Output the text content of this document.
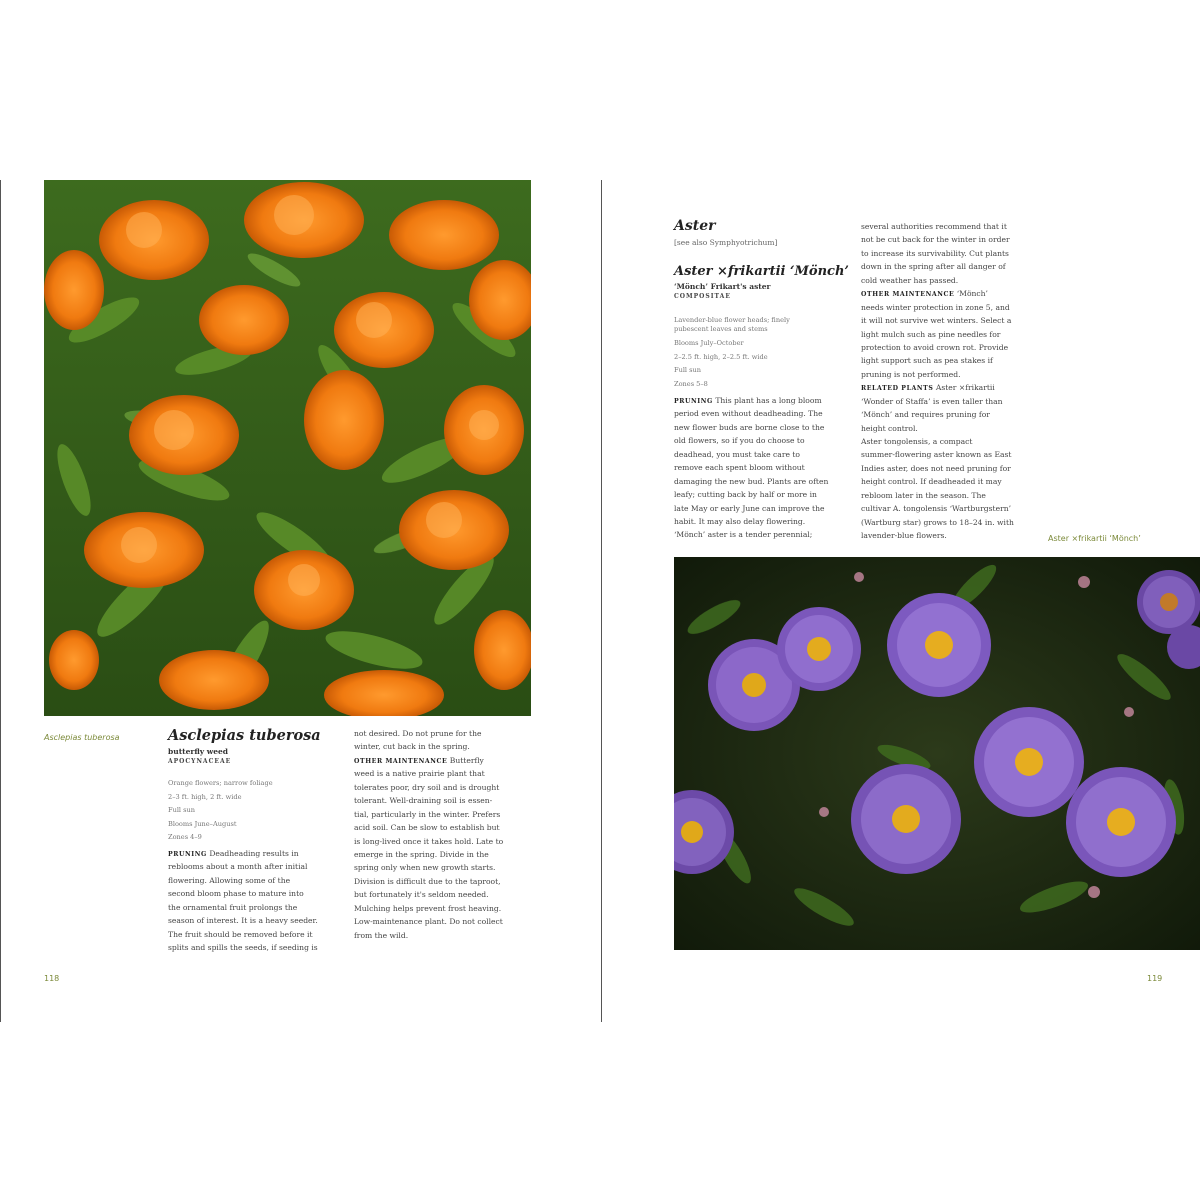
Asclepias tuberosa	Asclepias tuberosa
butterfly weed
APOCYNACEAE
Orange flowers; narrow foliage
2–3 ft. high, 2 ft. wide
Full sun
Blooms June–August
Zones 4–9
PRUNING Deadheading results in
reblooms about a month after initial
flowering. Allowing some of the
second bloom phase to mature into
the ornamental fruit prolongs the
season of interest. It is a heavy seeder.
The fruit should be removed before it
splits and spills the seeds, if seeding is
not desired. Do not prune for the
winter, cut back in the spring.
OTHER MAINTENANCE Butterfly
weed is a native prairie plant that
tolerates poor, dry soil and is drought
tolerant. Well-draining soil is essen-
tial, particularly in the winter. Prefers
acid soil. Can be slow to establish but
is long-lived once it takes hold. Late to
emerge in the spring. Divide in the
spring only when new growth starts.
Division is difficult due to the taproot,
but fortunately it's seldom needed.
Mulching helps prevent frost heaving.
Low-maintenance plant. Do not collect
from the wild.
118
Aster
[see also Symphyotrichum]
Aster ×frikartii ‘Mönch’
‘Mönch’ Frikart's aster
COMPOSITAE
Lavender-blue flower heads; finely
pubescent leaves and stems
Blooms July–October
2–2.5 ft. high, 2–2.5 ft. wide
Full sun
Zones 5–8
PRUNING This plant has a long bloom
period even without deadheading. The
new flower buds are borne close to the
old flowers, so if you do choose to
deadhead, you must take care to
remove each spent bloom without
damaging the new bud. Plants are often
leafy; cutting back by half or more in
late May or early June can improve the
habit. It may also delay flowering.
‘Mönch’ aster is a tender perennial;
several authorities recommend that it
not be cut back for the winter in order
to increase its survivability. Cut plants
down in the spring after all danger of
cold weather has passed.
OTHER MAINTENANCE ‘Mönch’
needs winter protection in zone 5, and
it will not survive wet winters. Select a
light mulch such as pine needles for
protection to avoid crown rot. Provide
light support such as pea stakes if
pruning is not performed.
RELATED PLANTS Aster ×frikartii
‘Wonder of Staffa’ is even taller than
‘Mönch’ and requires pruning for
height control.
Aster tongolensis, a compact
summer-flowering aster known as East
Indies aster, does not need pruning for
height control. If deadheaded it may
rebloom later in the season. The
cultivar A. tongolensis ‘Wartburgstern’
(Wartburg star) grows to 18–24 in. with
lavender-blue flowers.	Aster ×frikartii ‘Mönch’
119
